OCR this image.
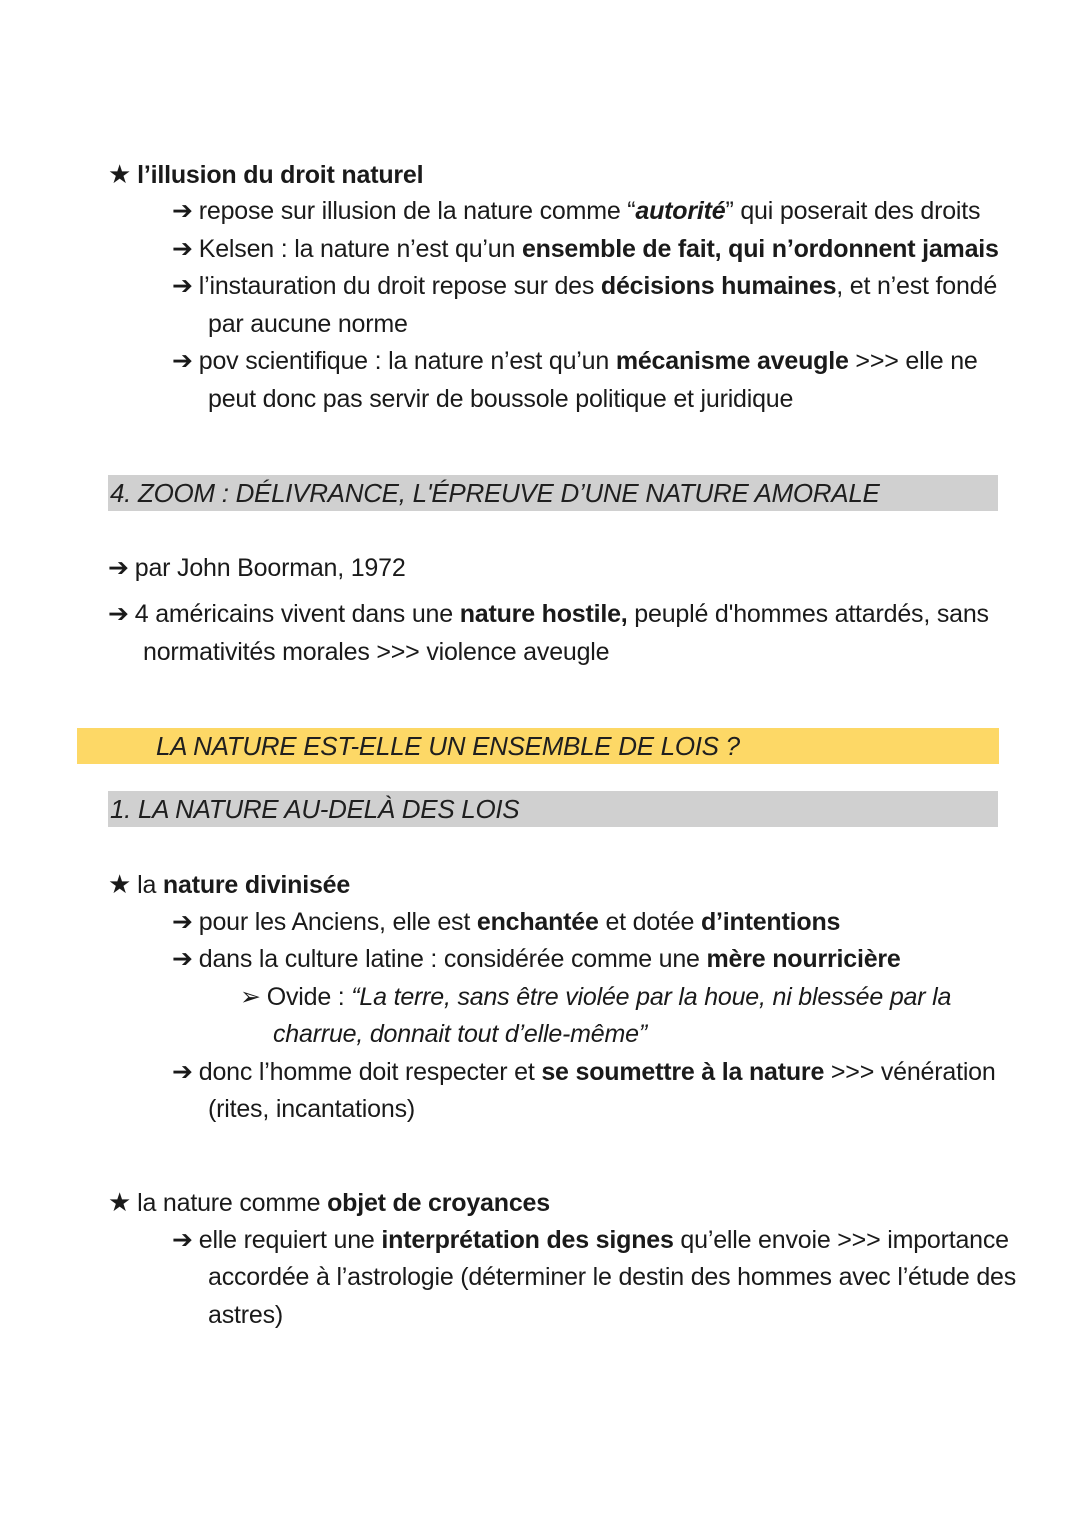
★ l’illusion du droit naturel
➔ repose sur illusion de la nature comme “autorité” qui poserait des droits
➔ Kelsen : la nature n’est qu’un ensemble de fait, qui n’ordonnent jamais
➔ l’instauration du droit repose sur des décisions humaines, et n’est fondé
par aucune norme
➔ pov scientifique : la nature n’est qu’un mécanisme aveugle >>> elle ne
peut donc pas servir de boussole politique et juridique
4. ZOOM : DÉLIVRANCE, L'ÉPREUVE D’UNE NATURE AMORALE
➔ par John Boorman, 1972
➔ 4 américains vivent dans une nature hostile, peuplé d'hommes attardés, sans
normativités morales >>> violence aveugle
LA NATURE EST-ELLE UN ENSEMBLE DE LOIS ?
1. LA NATURE AU-DELÀ DES LOIS
★ la nature divinisée
➔ pour les Anciens, elle est enchantée et dotée d’intentions
➔ dans la culture latine : considérée comme une mère nourricière
➢ Ovide : “La terre, sans être violée par la houe, ni blessée par la
charrue, donnait tout d’elle-même”
➔ donc l’homme doit respecter et se soumettre à la nature >>> vénération
(rites, incantations)
★ la nature comme objet de croyances
➔ elle requiert une interprétation des signes qu’elle envoie >>> importance
accordée à l’astrologie (déterminer le destin des hommes avec l’étude des
astres)
